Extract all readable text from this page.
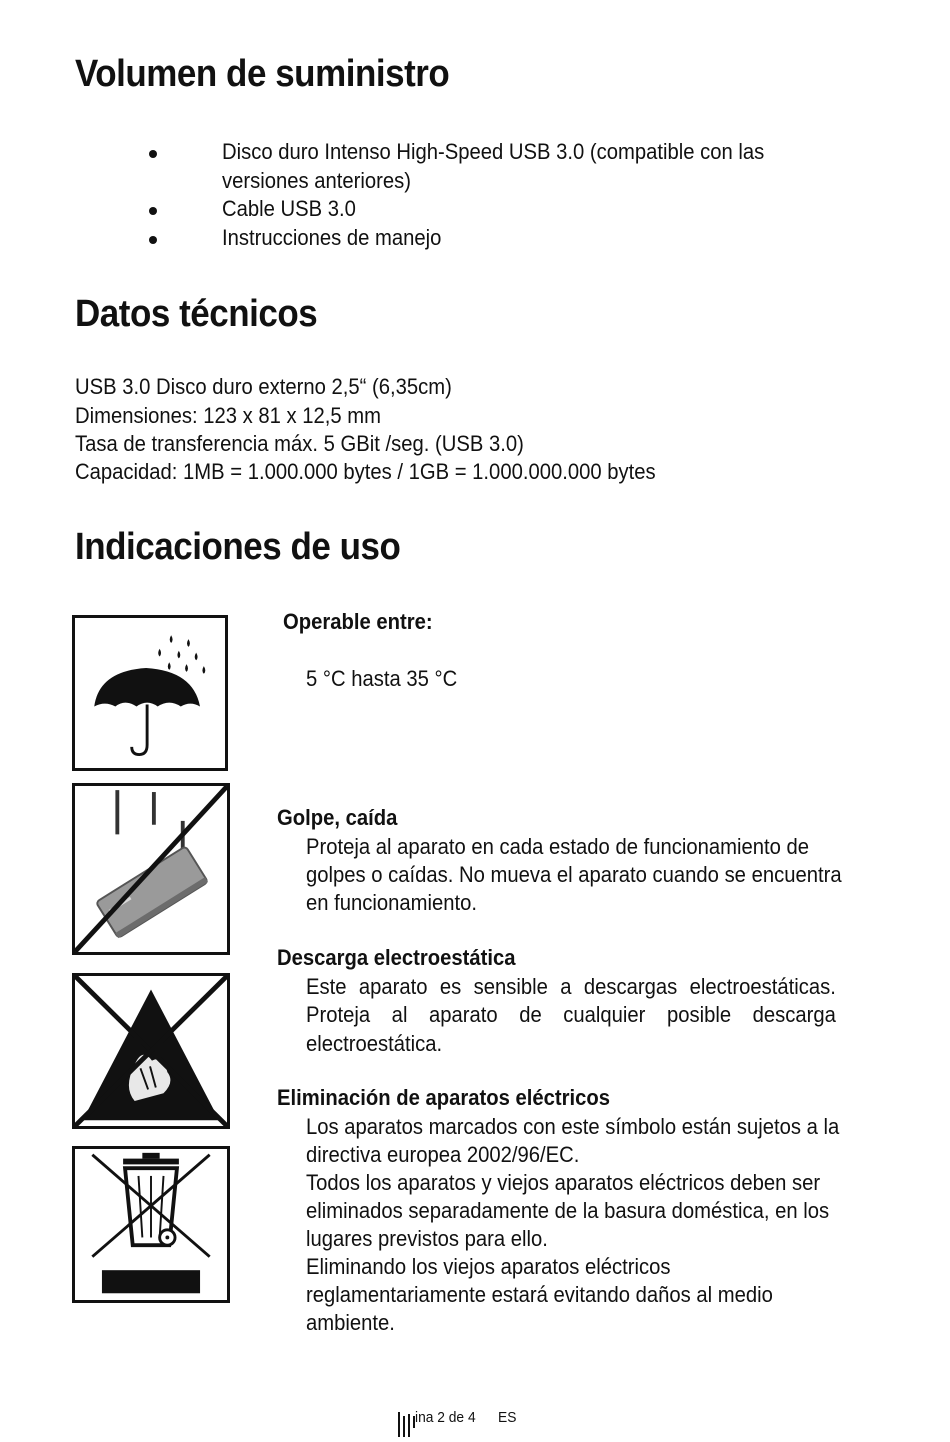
Volumen de suministro
Disco duro Intenso High-Speed USB 3.0 (compatible con las
versiones anteriores)
Cable USB 3.0
Instrucciones de manejo
Datos técnicos
USB 3.0 Disco duro externo 2,5“ (6,35cm)
Dimensiones: 123 x 81 x 12,5 mm
Tasa de transferencia máx. 5 GBit /seg. (USB 3.0)
Capacidad: 1MB = 1.000.000 bytes / 1GB = 1.000.000.000 bytes
Indicaciones de uso
Operable entre:
5 °C hasta 35 °C
Golpe, caída
Proteja al aparato en cada estado de funcionamiento de
golpes o caídas. No mueva el aparato cuando se encuentra
en funcionamiento.
Descarga electroestática
Este aparato es sensible a descargas electroestáticas.
Proteja al aparato de cualquier posible descarga
electroestática.
Eliminación de aparatos eléctricos
Los aparatos marcados con este símbolo están sujetos a la
directiva europea 2002/96/EC.
Todos los aparatos y viejos aparatos eléctricos deben ser
eliminados separadamente de la basura doméstica, en los
lugares previstos para ello.
Eliminando los viejos aparatos eléctricos
reglamentariamente estará evitando daños al medio
ambiente.
ina 2 de 4 ES
